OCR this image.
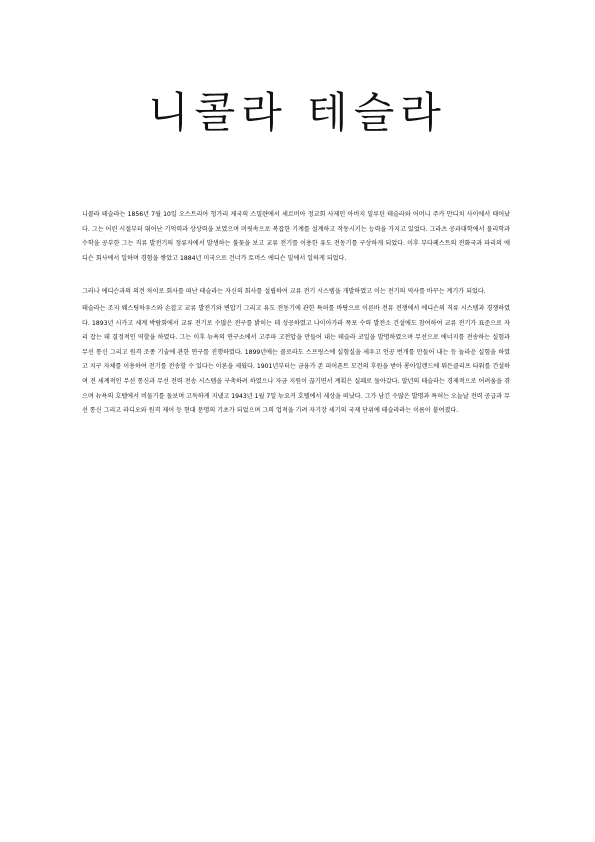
니콜라 테슬라

니콜라 테슬라는 1856년 7월 10일 오스트리아 헝가리 제국의 스밀랸에서 세르비아 정교회 사제인 아버지 밀루틴 테슬라와 어머니 주카 만디치 사이에서 태어났다. 그는 어린 시절부터 뛰어난 기억력과 상상력을 보였으며 머릿속으로 복잡한 기계를 설계하고 작동시키는 능력을 가지고 있었다. 그라츠 공과대학에서 물리학과 수학을 공부한 그는 직류 발전기의 정류자에서 발생하는 불꽃을 보고 교류 전기를 이용한 유도 전동기를 구상하게 되었다. 이후 부다페스트의 전화국과 파리의 에디슨 회사에서 일하며 경험을 쌓았고 1884년 미국으로 건너가 토머스 에디슨 밑에서 일하게 되었다.

그러나 에디슨과의 의견 차이로 회사를 떠난 테슬라는 자신의 회사를 설립하여 교류 전기 시스템을 개발하였고 이는 전기의 역사를 바꾸는 계기가 되었다.

테슬라는 조지 웨스팅하우스와 손잡고 교류 발전기와 변압기 그리고 유도 전동기에 관한 특허를 바탕으로 이른바 전류 전쟁에서 에디슨의 직류 시스템과 경쟁하였다. 1893년 시카고 세계 박람회에서 교류 전기로 수많은 전구를 밝히는 데 성공하였고 나이아가라 폭포 수력 발전소 건설에도 참여하여 교류 전기가 표준으로 자리 잡는 데 결정적인 역할을 하였다. 그는 이후 뉴욕의 연구소에서 고주파 고전압을 만들어 내는 테슬라 코일을 발명하였으며 무선으로 에너지를 전송하는 실험과 무선 통신 그리고 원격 조종 기술에 관한 연구를 진행하였다. 1899년에는 콜로라도 스프링스에 실험실을 세우고 인공 번개를 만들어 내는 등 놀라운 실험을 하였고 지구 자체를 이용하여 전기를 전송할 수 있다는 이론을 세웠다. 1901년부터는 금융가 존 피어폰트 모건의 후원을 받아 롱아일랜드에 워든클리프 타워를 건설하며 전 세계적인 무선 통신과 무선 전력 전송 시스템을 구축하려 하였으나 자금 지원이 끊기면서 계획은 실패로 돌아갔다. 말년의 테슬라는 경제적으로 어려움을 겪으며 뉴욕의 호텔에서 비둘기를 돌보며 고독하게 지냈고 1943년 1월 7일 뉴요커 호텔에서 세상을 떠났다. 그가 남긴 수많은 발명과 특허는 오늘날 전력 공급과 무선 통신 그리고 라디오와 원격 제어 등 현대 문명의 기초가 되었으며 그의 업적을 기려 자기장 세기의 국제 단위에 테슬라라는 이름이 붙여졌다.
